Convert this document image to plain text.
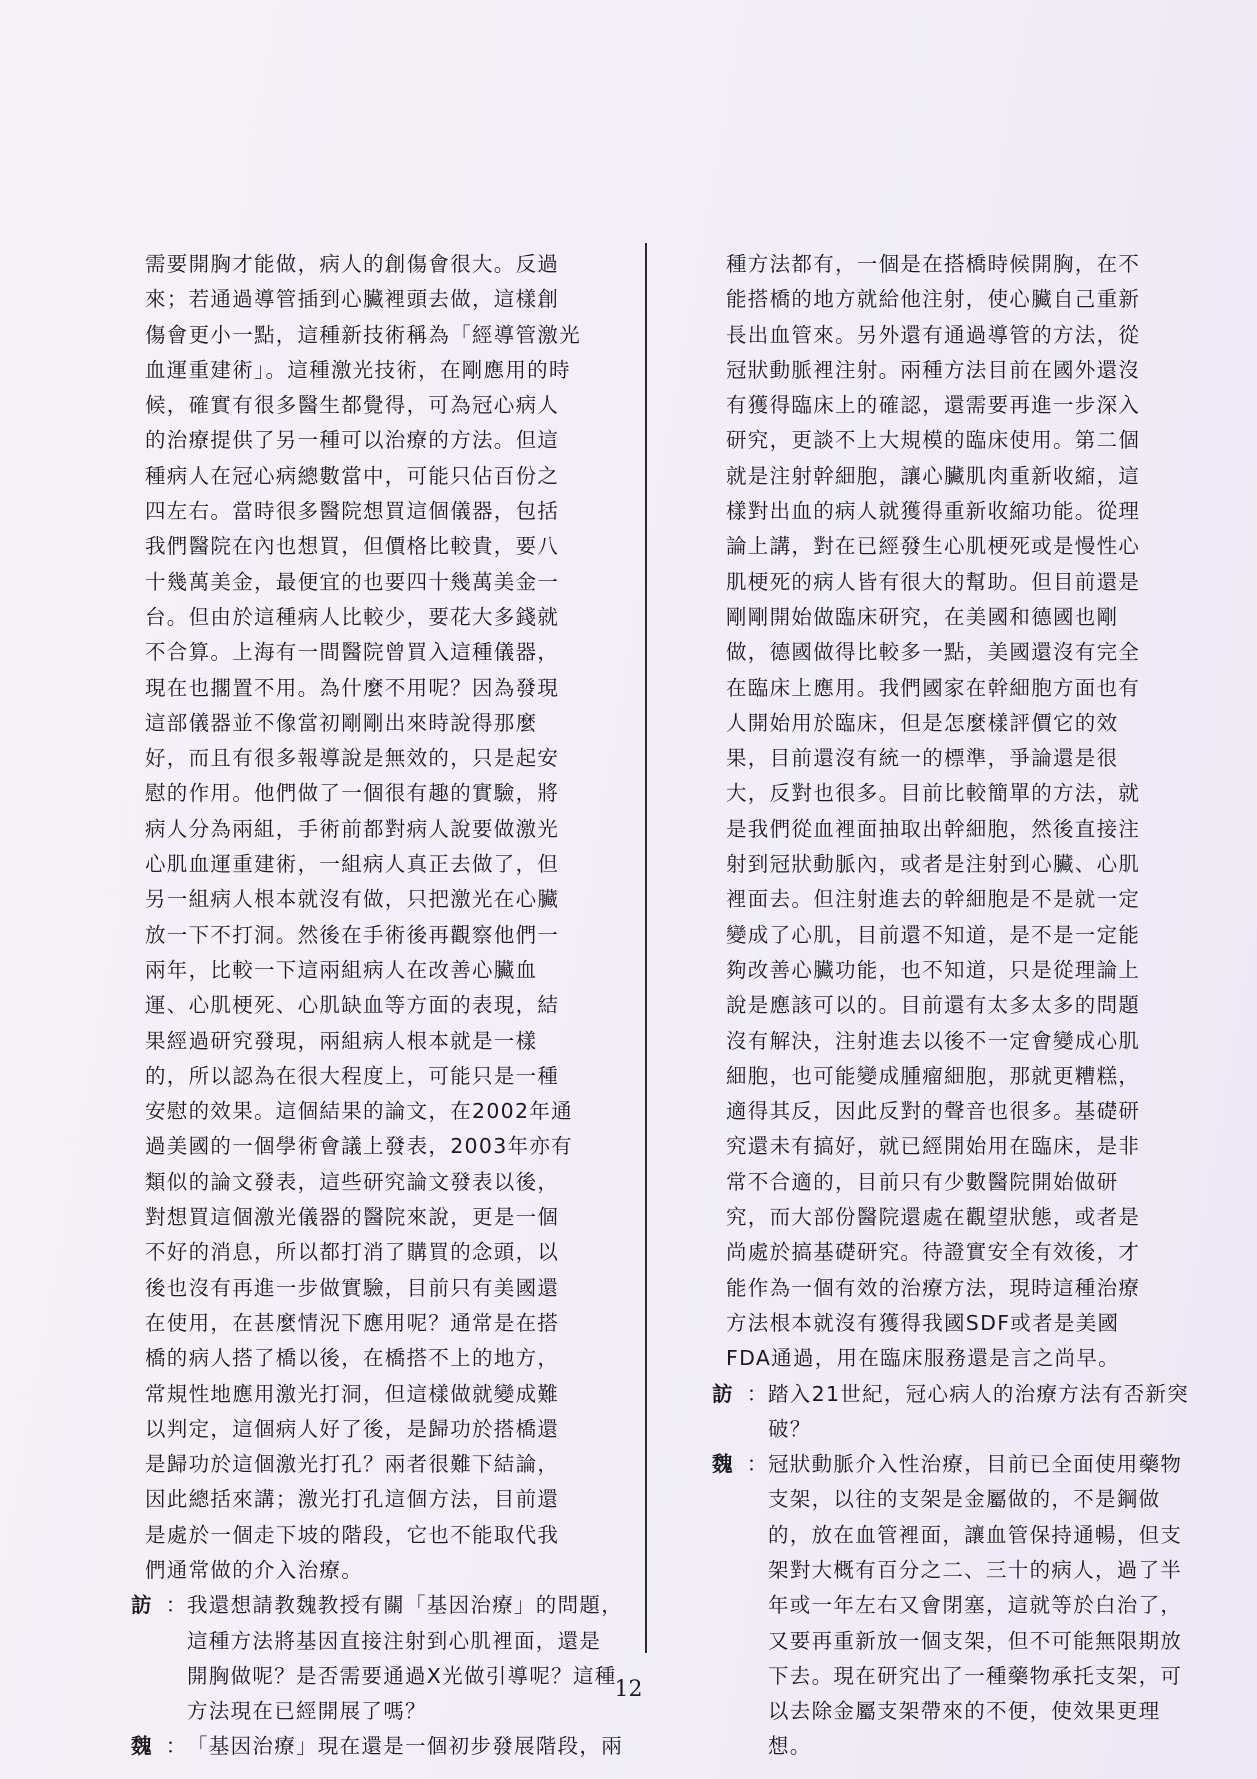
需要開胸才能做，病人的創傷會很大。反過
來；若通過導管插到心臟裡頭去做，這樣創
傷會更小一點，這種新技術稱為「經導管激光
血運重建術」。這種激光技術，在剛應用的時
候，確實有很多醫生都覺得，可為冠心病人
的治療提供了另一種可以治療的方法。但這
種病人在冠心病總數當中，可能只佔百份之
四左右。當時很多醫院想買這個儀器，包括
我們醫院在內也想買，但價格比較貴，要八
十幾萬美金，最便宜的也要四十幾萬美金一
台。但由於這種病人比較少，要花大多錢就
不合算。上海有一間醫院曾買入這種儀器，
現在也擱置不用。為什麼不用呢？因為發現
這部儀器並不像當初剛剛出來時說得那麼
好，而且有很多報導說是無效的，只是起安
慰的作用。他們做了一個很有趣的實驗，將
病人分為兩組，手術前都對病人說要做激光
心肌血運重建術，一組病人真正去做了，但
另一組病人根本就沒有做，只把激光在心臟
放一下不打洞。然後在手術後再觀察他們一
兩年，比較一下這兩組病人在改善心臟血
運、心肌梗死、心肌缺血等方面的表現，結
果經過研究發現，兩組病人根本就是一樣
的，所以認為在很大程度上，可能只是一種
安慰的效果。這個結果的論文，在2002年通
過美國的一個學術會議上發表，2003年亦有
類似的論文發表，這些研究論文發表以後，
對想買這個激光儀器的醫院來說，更是一個
不好的消息，所以都打消了購買的念頭，以
後也沒有再進一步做實驗，目前只有美國還
在使用，在甚麼情況下應用呢？通常是在搭
橋的病人搭了橋以後，在橋搭不上的地方，
常規性地應用激光打洞，但這樣做就變成難
以判定，這個病人好了後，是歸功於搭橋還
是歸功於這個激光打孔？兩者很難下結論，
因此總括來講；激光打孔這個方法，目前還
是處於一個走下坡的階段，它也不能取代我
們通常做的介入治療。
訪 ：我還想請教魏教授有關「基因治療」的問題，
這種方法將基因直接注射到心肌裡面，還是
開胸做呢？是否需要通過X光做引導呢？這種
方法現在已經開展了嗎？
魏 ：「基因治療」現在還是一個初步發展階段，兩
種方法都有，一個是在搭橋時候開胸，在不
能搭橋的地方就給他注射，使心臟自己重新
長出血管來。另外還有通過導管的方法，從
冠狀動脈裡注射。兩種方法目前在國外還沒
有獲得臨床上的確認，還需要再進一步深入
研究，更談不上大規模的臨床使用。第二個
就是注射幹細胞，讓心臟肌肉重新收縮，這
樣對出血的病人就獲得重新收縮功能。從理
論上講，對在已經發生心肌梗死或是慢性心
肌梗死的病人皆有很大的幫助。但目前還是
剛剛開始做臨床研究，在美國和德國也剛
做，德國做得比較多一點，美國還沒有完全
在臨床上應用。我們國家在幹細胞方面也有
人開始用於臨床，但是怎麼樣評價它的效
果，目前還沒有統一的標準，爭論還是很
大，反對也很多。目前比較簡單的方法，就
是我們從血裡面抽取出幹細胞，然後直接注
射到冠狀動脈內，或者是注射到心臟、心肌
裡面去。但注射進去的幹細胞是不是就一定
變成了心肌，目前還不知道，是不是一定能
夠改善心臟功能，也不知道，只是從理論上
說是應該可以的。目前還有太多太多的問題
沒有解決，注射進去以後不一定會變成心肌
細胞，也可能變成腫瘤細胞，那就更糟糕，
適得其反，因此反對的聲音也很多。基礎研
究還未有搞好，就已經開始用在臨床，是非
常不合適的，目前只有少數醫院開始做研
究，而大部份醫院還處在觀望狀態，或者是
尚處於搞基礎研究。待證實安全有效後，才
能作為一個有效的治療方法，現時這種治療
方法根本就沒有獲得我國SDF或者是美國
FDA通過，用在臨床服務還是言之尚早。
訪 ：踏入21世紀，冠心病人的治療方法有否新突
破？
魏 ：冠狀動脈介入性治療，目前已全面使用藥物
支架，以往的支架是金屬做的，不是鋼做
的，放在血管裡面，讓血管保持通暢，但支
架對大概有百分之二、三十的病人，過了半
年或一年左右又會閉塞，這就等於白治了，
又要再重新放一個支架，但不可能無限期放
下去。現在研究出了一種藥物承托支架，可
以去除金屬支架帶來的不便，使效果更理
想。
12
